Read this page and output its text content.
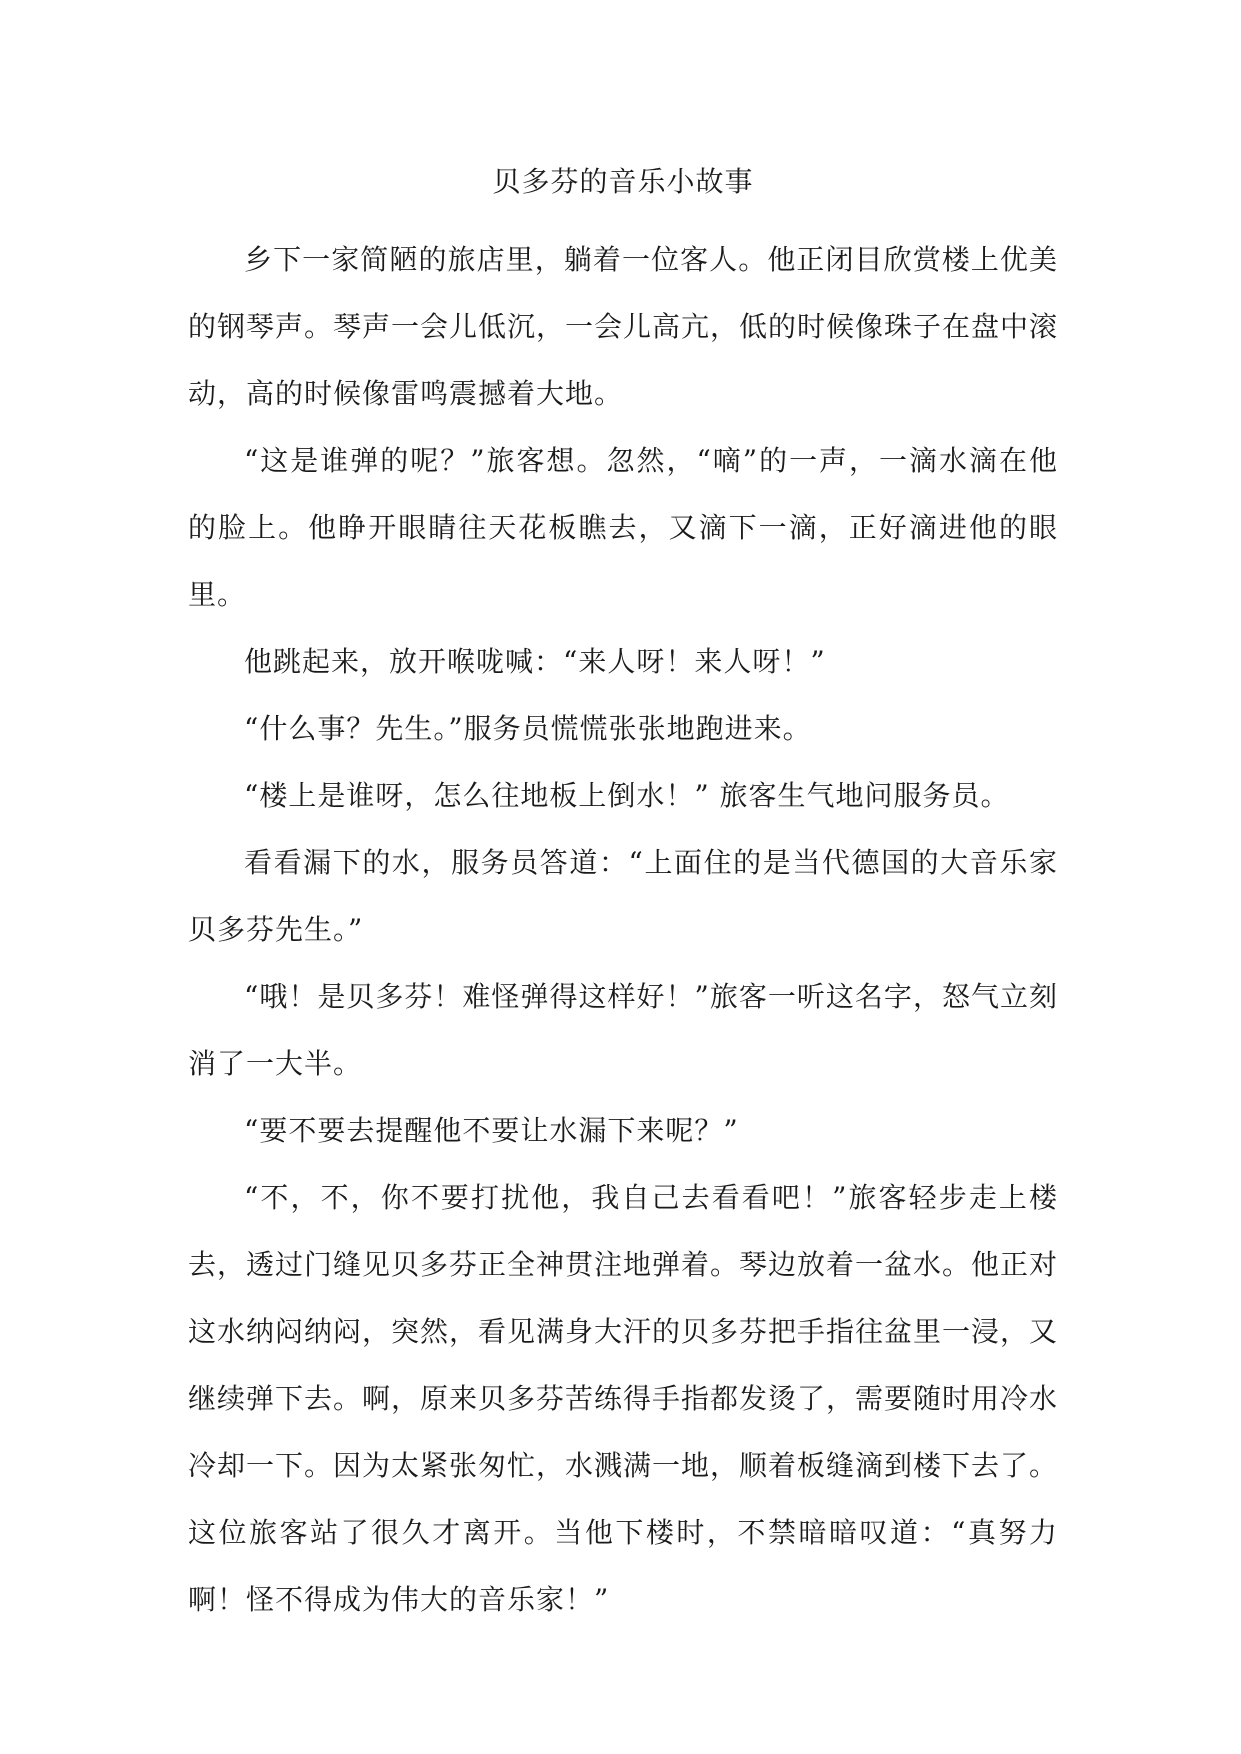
贝多芬的音乐小故事

乡下一家简陋的旅店里，躺着一位客人。他正闭目欣赏楼上优美的钢琴声。琴声一会儿低沉，一会儿高亢，低的时候像珠子在盘中滚动，高的时候像雷鸣震撼着大地。

“这是谁弹的呢？”旅客想。忽然，“嘀”的一声，一滴水滴在他的脸上。他睁开眼睛往天花板瞧去，又滴下一滴，正好滴进他的眼里。

他跳起来，放开喉咙喊：“来人呀！来人呀！”

“什么事？先生。”服务员慌慌张张地跑进来。

“楼上是谁呀，怎么往地板上倒水！” 旅客生气地问服务员。

看看漏下的水，服务员答道：“上面住的是当代德国的大音乐家贝多芬先生。”

“哦！是贝多芬！难怪弹得这样好！”旅客一听这名字，怒气立刻消了一大半。

“要不要去提醒他不要让水漏下来呢？”

“不，不，你不要打扰他，我自己去看看吧！”旅客轻步走上楼去，透过门缝见贝多芬正全神贯注地弹着。琴边放着一盆水。他正对这水纳闷纳闷，突然，看见满身大汗的贝多芬把手指往盆里一浸，又继续弹下去。啊，原来贝多芬苦练得手指都发烫了，需要随时用冷水冷却一下。因为太紧张匆忙，水溅满一地，顺着板缝滴到楼下去了。这位旅客站了很久才离开。当他下楼时，不禁暗暗叹道：“真努力啊！怪不得成为伟大的音乐家！”
